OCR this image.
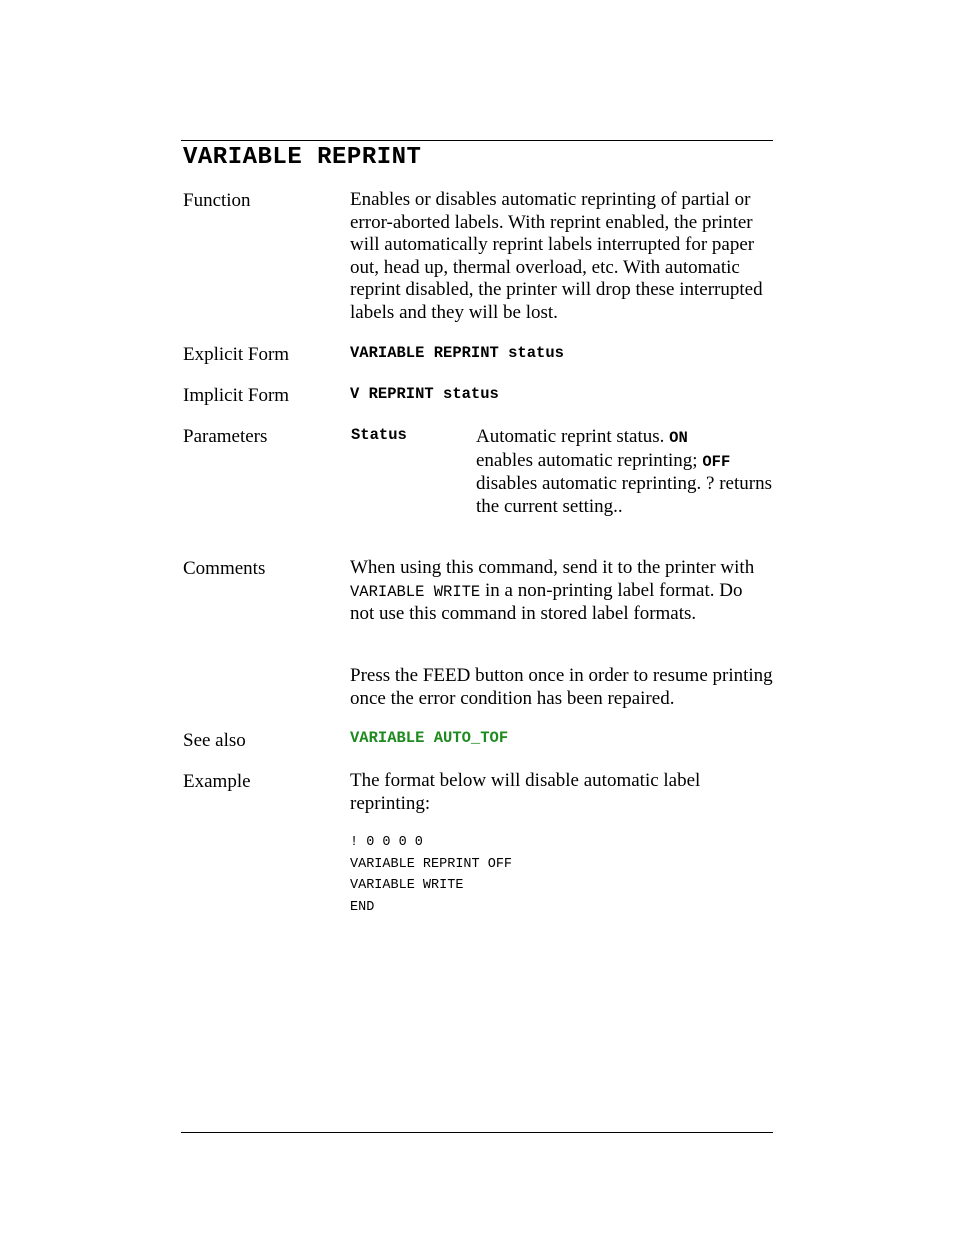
VARIABLE REPRINT
Function	Enables or disables automatic reprinting of partial or error-aborted labels. With reprint enabled, the printer will automatically reprint labels interrupted for paper out, head up, thermal overload, etc. With automatic reprint disabled, the printer will drop these interrupted labels and they will be lost.

Explicit Form	VARIABLE REPRINT status
Implicit Form	V REPRINT status
Parameters	Status	Automatic reprint status. ON
enables automatic reprinting; OFF disables automatic reprinting. ? returns the current setting..

Comments	When using this command, send it to the printer with VARIABLE WRITE in a non-printing label format. Do not use this command in stored label formats.

Press the FEED button once in order to resume printing once the error condition has been repaired.

See also	VARIABLE AUTO_TOF
Example	The format below will disable automatic label reprinting:

! 0 0 0 0
VARIABLE REPRINT OFF
VARIABLE WRITE
END
